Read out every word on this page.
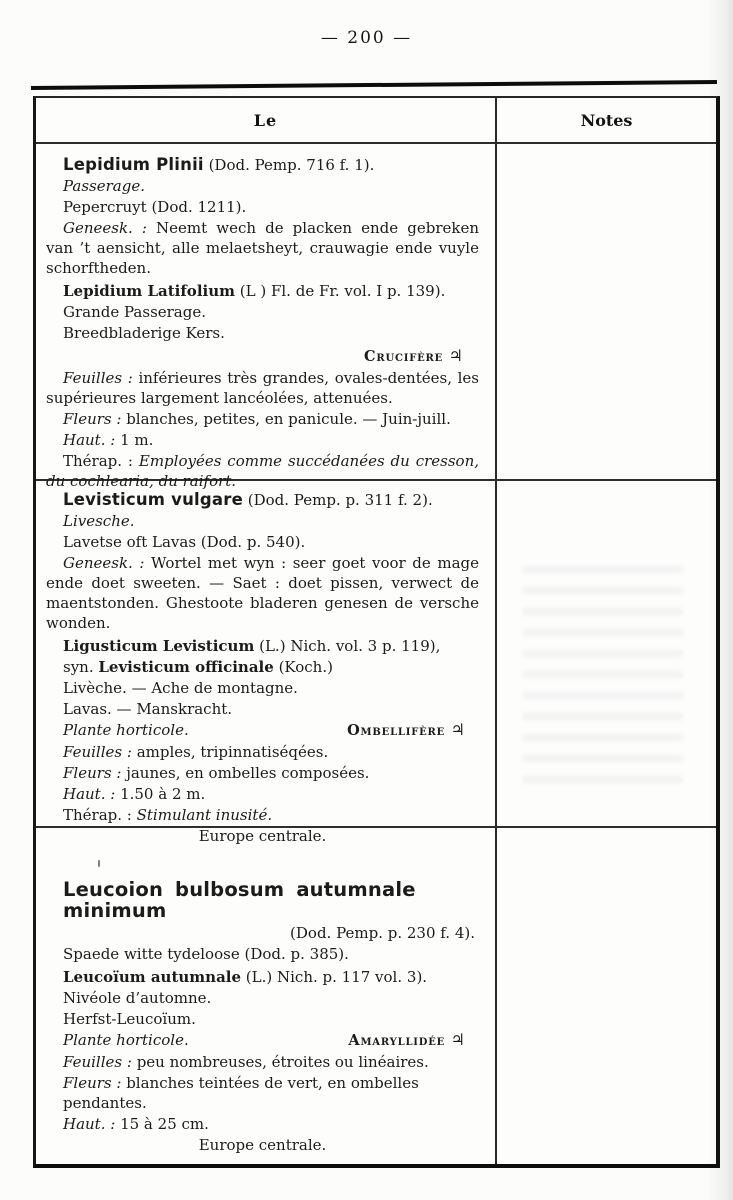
— 200 —
Le	Notes
Lepidium Plinii (Dod. Pemp. 716 f. 1).
Passerage.
Pepercruyt (Dod. 1211).

Geneesk. : Neemt wech de placken ende gebreken van ’t aensicht, alle melaetsheyt, crauwagie ende vuyle schorftheden.

Lepidium Latifolium (L ) Fl. de Fr. vol. I p. 139).
Grande Passerage.
Breedbladerige Kers.
Crucifère ♃

Feuilles : inférieures très grandes, ovales-dentées, les supérieures largement lancéolées, attenuées.

Fleurs : blanches, petites, en panicule. — Juin-juill.
Haut. : 1 m.

Thérap. : Employées comme succédanées du cresson, du cochlearia, du raifort.

Levisticum vulgare (Dod. Pemp. p. 311 f. 2).
Livesche.
Lavetse oft Lavas (Dod. p. 540).

Geneesk. : Wortel met wyn : seer goet voor de mage ende doet sweeten. — Saet : doet pissen, verwect de maentstonden. Ghestoote bladeren genesen de versche wonden.

Ligusticum Levisticum (L.) Nich. vol. 3 p. 119),
syn. Levisticum officinale (Koch.)
Livèche. — Ache de montagne.
Lavas. — Manskracht.
Plante horticole.	Ombellifère ♃
Feuilles : amples, tripinnatiséqées.
Fleurs : jaunes, en ombelles composées.
Haut. : 1.50 à 2 m.
Thérap. : Stimulant inusité.
Europe centrale.
Leucoion bulbosum autumnale minimum
(Dod. Pemp. p. 230 f. 4).
Spaede witte tydeloose (Dod. p. 385).
Leucoïum autumnale (L.) Nich. p. 117 vol. 3).
Nivéole d’automne.
Herfst-Leucoïum.
Plante horticole.	Amaryllidée ♃
Feuilles : peu nombreuses, étroites ou linéaires.
Fleurs : blanches teintées de vert, en ombelles pendantes.
Haut. : 15 à 25 cm.
Europe centrale.
